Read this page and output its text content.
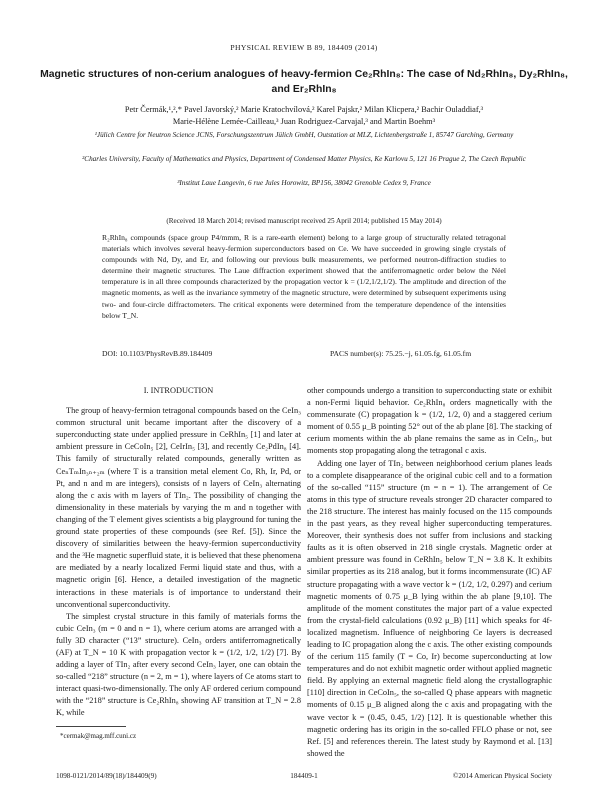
PHYSICAL REVIEW B 89, 184409 (2014)
Magnetic structures of non-cerium analogues of heavy-fermion Ce₂RhIn₈: The case of Nd₂RhIn₈, Dy₂RhIn₈, and Er₂RhIn₈
Petr Čermák,¹,²,* Pavel Javorský,² Marie Kratochvílová,² Karel Pajskr,² Milan Klicpera,² Bachir Ouladdiaf,³
Marie-Hélène Lemée-Cailleau,³ Juan Rodriguez-Carvajal,³ and Martin Boehm³
¹Jülich Centre for Neutron Science JCNS, Forschungszentrum Jülich GmbH, Outstation at MLZ, Lichtenbergstraße 1, 85747 Garching, Germany
²Charles University, Faculty of Mathematics and Physics, Department of Condensed Matter Physics, Ke Karlovu 5, 121 16 Prague 2, The Czech Republic
³Institut Laue Langevin, 6 rue Jules Horowitz, BP156, 38042 Grenoble Cedex 9, France
(Received 18 March 2014; revised manuscript received 25 April 2014; published 15 May 2014)
R₂RhIn₈ compounds (space group P4/mmm, R is a rare-earth element) belong to a large group of structurally related tetragonal materials which involves several heavy-fermion superconductors based on Ce. We have succeeded in growing single crystals of compounds with Nd, Dy, and Er, and following our previous bulk measurements, we performed neutron-diffraction studies to determine their magnetic structures. The Laue diffraction experiment showed that the antiferromagnetic order below the Néel temperature is in all three compounds characterized by the propagation vector k = (1/2,1/2,1/2). The amplitude and direction of the magnetic moments, as well as the invariance symmetry of the magnetic structure, were determined by subsequent experiments using two- and four-circle diffractometers. The critical exponents were determined from the temperature dependence of the intensities below T_N.
DOI: 10.1103/PhysRevB.89.184409	PACS number(s): 75.25.−j, 61.05.fg, 61.05.fm
I. INTRODUCTION

The group of heavy-fermion tetragonal compounds based on the CeIn₃ common structural unit became important after the discovery of a superconducting state under applied pressure in CeRhIn₅ [1] and later at ambient pressure in CeCoIn₅ [2], CeIrIn₅ [3], and recently Ce₂PdIn₈ [4]. This family of structurally related compounds, generally written as CeₙTₘIn₃ₙ₊₂ₘ (where T is a transition metal element Co, Rh, Ir, Pd, or Pt, and n and m are integers), consists of n layers of CeIn₃ alternating along the c axis with m layers of TIn₂. The possibility of changing the dimensionality in these materials by varying the m and n together with changing of the T element gives scientists a big playground for tuning the ground state properties of these compounds (see Ref. [5]). Since the discovery of similarities between the heavy-fermion superconductivity and the ³He magnetic superfluid state, it is believed that these phenomena are mediated by a nearly localized Fermi liquid state and thus, with a magnetic origin [6]. Hence, a detailed investigation of the magnetic interactions in these materials is of importance to understand their unconventional superconductivity.

The simplest crystal structure in this family of materials forms the cubic CeIn₃ (m = 0 and n = 1), where cerium atoms are arranged with a fully 3D character (“13” structure). CeIn₃ orders antiferromagnetically (AF) at T_N = 10 K with propagation vector k = (1/2, 1/2, 1/2) [7]. By adding a layer of TIn₂ after every second CeIn₃ layer, one can obtain the so-called “218” structure (n = 2, m = 1), where layers of Ce atoms start to interact quasi-two-dimensionally. The only AF ordered cerium compound with the “218” structure is Ce₂RhIn₈ showing AF transition at T_N = 2.8 K, while

other compounds undergo a transition to superconducting state or exhibit a non-Fermi liquid behavior. Ce₂RhIn₈ orders magnetically with the commensurate (C) propagation k = (1/2, 1/2, 0) and a staggered cerium moment of 0.55 μ_B pointing 52° out of the ab plane [8]. The stacking of cerium moments within the ab plane remains the same as in CeIn₃, but moments stop propagating along the tetragonal c axis.

Adding one layer of TIn₂ between neighborhood cerium planes leads to a complete disappearance of the original cubic cell and to a formation of the so-called “115” structure (m = n = 1). The arrangement of Ce atoms in this type of structure reveals stronger 2D character compared to the 218 structure. The interest has mainly focused on the 115 compounds in the past years, as they reveal higher superconducting temperatures. Moreover, their synthesis does not suffer from inclusions and stacking faults as it is often observed in 218 single crystals. Magnetic order at ambient pressure was found in CeRhIn₅ below T_N = 3.8 K. It exhibits similar properties as its 218 analog, but it forms incommensurate (IC) AF structure propagating with a wave vector k = (1/2, 1/2, 0.297) and cerium magnetic moments of 0.75 μ_B lying within the ab plane [9,10]. The amplitude of the moment constitutes the major part of a value expected from the crystal-field calculations (0.92 μ_B) [11] which speaks for 4f-localized magnetism. Influence of neighboring Ce layers is decreased leading to IC propagation along the c axis. The other existing compounds of the cerium 115 family (T = Co, Ir) become superconducting at low temperatures and do not exhibit magnetic order without applied magnetic field. By applying an external magnetic field along the crystallographic [110] direction in CeCoIn₅, the so-called Q phase appears with magnetic moments of 0.15 μ_B aligned along the c axis and propagating with the wave vector k = (0.45, 0.45, 1/2) [12]. It is questionable whether this magnetic ordering has its origin in the so-called FFLO phase or not, see Ref. [5] and references therein. The latest study by Raymond et al. [13] showed the

*cermak@mag.mff.cuni.cz
1098-0121/2014/89(18)/184409(9)	184409-1	©2014 American Physical Society
